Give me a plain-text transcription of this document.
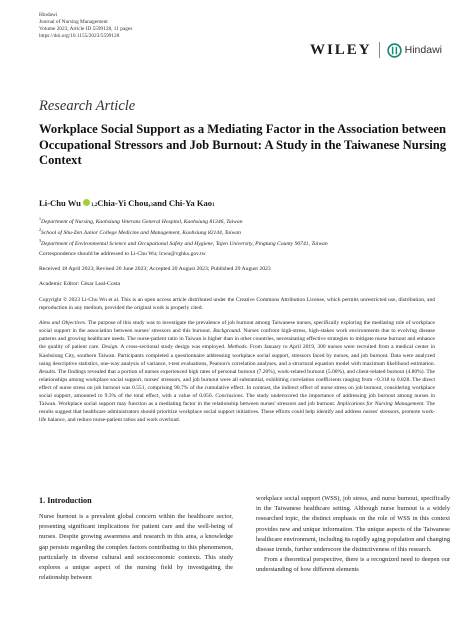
Hindawi
Journal of Nursing Management
Volume 2023, Article ID 5599128, 11 pages
https://doi.org/10.1155/2023/5599128
WILEY	Hindawi
Research Article
Workplace Social Support as a Mediating Factor in the Association between Occupational Stressors and Job Burnout: A Study in the Taiwanese Nursing Context
Li-Chu Wu $_{1,2}$ Chia-Yi $Chou,_3$ and Chi-Ya Kao$_1$
$^1$Department of Nursing, Kaohsiung Veterans General Hospital, Kaohsiung 81346, Taiwan
$^2$School of Shu-Zen Junior College Medicine and Management, Kaohsiung 82144, Taiwan
$^3$Department of Environmental Science and Occupational Safety and Hygiene, Tajen University, Pingtung County 90741, Taiwan
Correspondence should be addressed to Li-Chu Wu; lcwu@vghks.gov.tw
Received 18 April 2023; Revised 26 June 2023; Accepted 20 August 2023; Published 29 August 2023
Academic Editor: César Leal-Costa

Copyright © 2023 Li-Chu Wu et al. This is an open access article distributed under the Creative Commons Attribution License, which permits unrestricted use, distribution, and reproduction in any medium, provided the original work is properly cited.

Aims and Objectives. The purpose of this study was to investigate the prevalence of job burnout among Taiwanese nurses, specifically exploring the mediating role of workplace social support in the association between nurses' stressors and this burnout. Background. Nurses confront high-stress, high-stakes work environments due to evolving disease patterns and growing healthcare needs. The nurse-patient ratio in Taiwan is higher than in other countries, necessitating effective strategies to mitigate nurse burnout and enhance the quality of patient care. Design. A cross-sectional study design was employed. Methods. From January to April 2019, 300 nurses were recruited from a medical center in Kaohsiung City, southern Taiwan. Participants completed a questionnaire addressing workplace social support, stressors faced by nurses, and job burnout. Data were analyzed using descriptive statistics, one-way analysis of variance, t-test evaluations, Pearson's correlation analyses, and a structural equation model with maximum likelihood estimation. Results. The findings revealed that a portion of nurses experienced high rates of personal burnout (7.20%), work-related burnout (5.00%), and client-related burnout (4.80%). The relationships among workplace social support, nurses' stressors, and job burnout were all substantial, exhibiting correlation coefficients ranging from −0.318 to 0.828. The direct effect of nurse stress on job burnout was 0.551, comprising 90.7% of the cumulative effect. In contrast, the indirect effect of nurse stress on job burnout, considering workplace social support, amounted to 9.3% of the total effect, with a value of 0.056. Conclusions. The study underscored the importance of addressing job burnout among nurses in Taiwan. Workplace social support may function as a mediating factor in the relationship between nurses' stressors and job burnout. Implications for Nursing Management. The results suggest that healthcare administrators should prioritize workplace social support initiatives. These efforts could help identify and address nurses' stressors, promote work-life balance, and reduce nurse-patient ratios and work overload.

1. Introduction

Nurse burnout is a prevalent global concern within the healthcare sector, presenting significant implications for patient care and the well-being of nurses. Despite growing awareness and research in this area, a knowledge gap persists regarding the complex factors contributing to this phenomenon, particularly in diverse cultural and socioeconomic contexts. This study explores a unique aspect of the nursing field by investigating the relationship between

workplace social support (WSS), job stress, and nurse burnout, specifically in the Taiwanese healthcare setting. Although nurse burnout is a widely researched topic, the distinct emphasis on the role of WSS in this context provides new and unique information. The unique aspects of the Taiwanese healthcare environment, including its rapidly aging population and changing disease trends, further underscore the distinctiveness of this research.

From a theoretical perspective, there is a recognized need to deepen our understanding of how different elements
